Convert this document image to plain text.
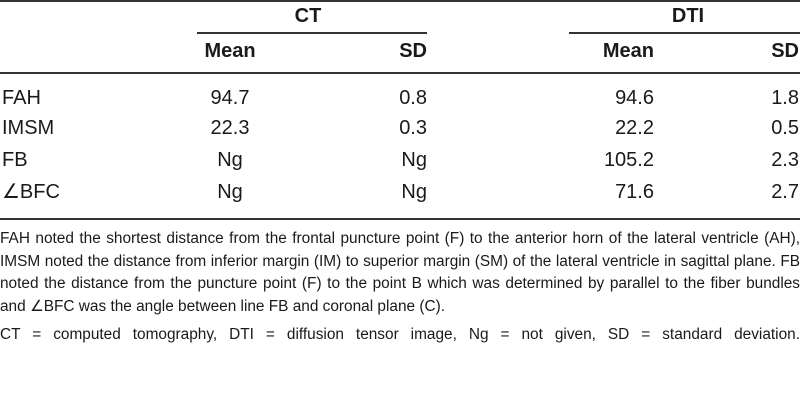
CT	DTI
Mean	SD	Mean	SD
FAH	94.7	0.8	94.6	1.8
IMSM	22.3	0.3	22.2	0.5
FB	Ng	Ng	105.2	2.3
∠BFC	Ng	Ng	71.6	2.7

FAH noted the shortest distance from the frontal puncture point (F) to the anterior horn of the lateral ventricle (AH), IMSM noted the distance from inferior margin (IM) to superior margin (SM) of the lateral ventricle in sagittal plane. FB noted the distance from the puncture point (F) to the point B which was determined by parallel to the fiber bundles and ∠BFC was the angle between line FB and coronal plane (C).

CT = computed tomography, DTI = diffusion tensor image, Ng = not given, SD = standard deviation.
